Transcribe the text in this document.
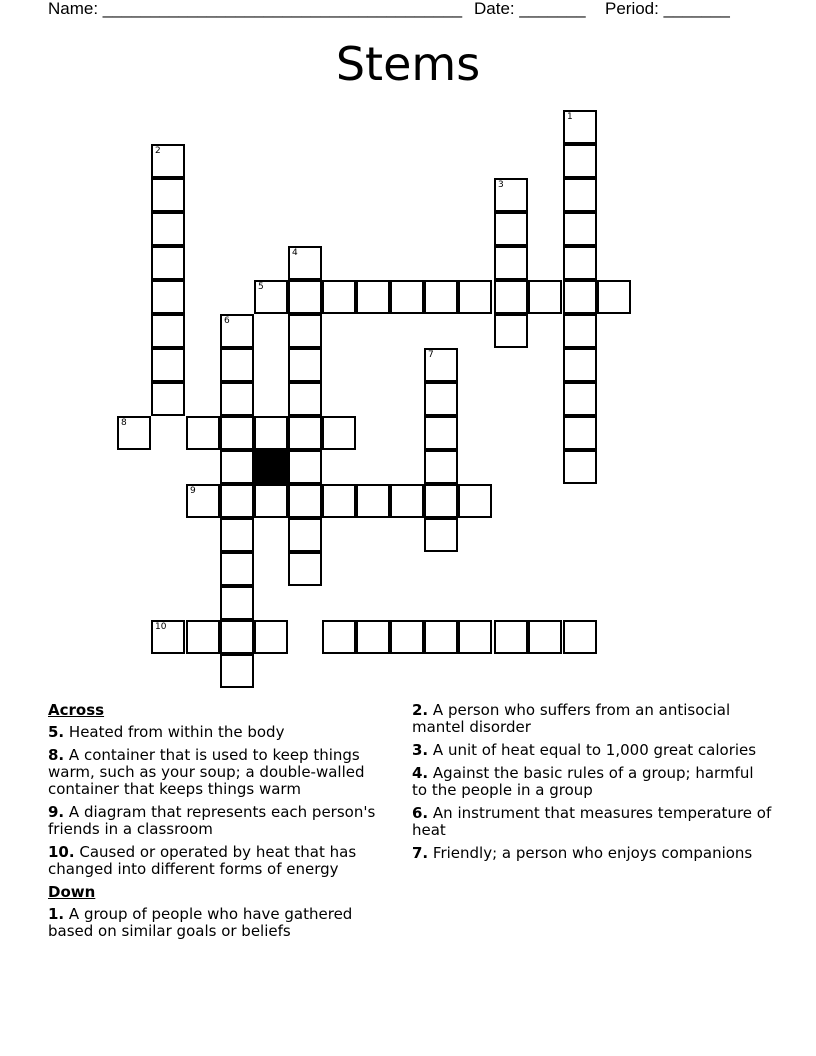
Name: ______________________________________ Date: _______ Period: _______
Stems
1
2
3
4
5
6
7
8
9
10
Across
5. Heated from within the body
8. A container that is used to keep things warm, such as your soup; a double-walled container that keeps things warm
9. A diagram that represents each person's friends in a classroom
10. Caused or operated by heat that has changed into different forms of energy
Down
1. A group of people who have gathered based on similar goals or beliefs
2. A person who suffers from an antisocial mantel disorder
3. A unit of heat equal to 1,000 great calories
4. Against the basic rules of a group; harmful to the people in a group
6. An instrument that measures temperature of heat
7. Friendly; a person who enjoys companions
